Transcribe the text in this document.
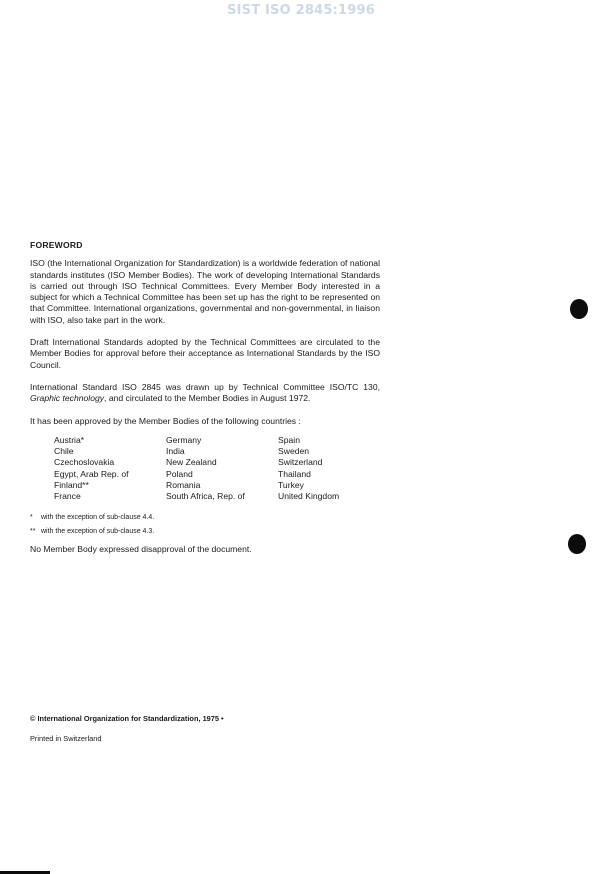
SIST ISO 2845:1996
FOREWORD

ISO (the International Organization for Standardization) is a worldwide federation of national standards institutes (ISO Member Bodies). The work of developing International Standards is carried out through ISO Technical Committees. Every Member Body interested in a subject for which a Technical Committee has been set up has the right to be represented on that Committee. International organizations, governmental and non-governmental, in liaison with ISO, also take part in the work.

Draft International Standards adopted by the Technical Committees are circulated to the Member Bodies for approval before their acceptance as International Standards by the ISO Council.

International Standard ISO 2845 was drawn up by Technical Committee ISO/TC 130, Graphic technology, and circulated to the Member Bodies in August 1972.

It has been approved by the Member Bodies of the following countries :

Austria*
Chile
Czechoslovakia
Egypt, Arab Rep. of
Finland**
France
Germany
India
New Zealand
Poland
Romania
South Africa, Rep. of
Spain
Sweden
Switzerland
Thailand
Turkey
United Kingdom
* with the exception of sub-clause 4.4.
** with the exception of sub-clause 4.3.

No Member Body expressed disapproval of the document.

© International Organization for Standardization, 1975 •
Printed in Switzerland
